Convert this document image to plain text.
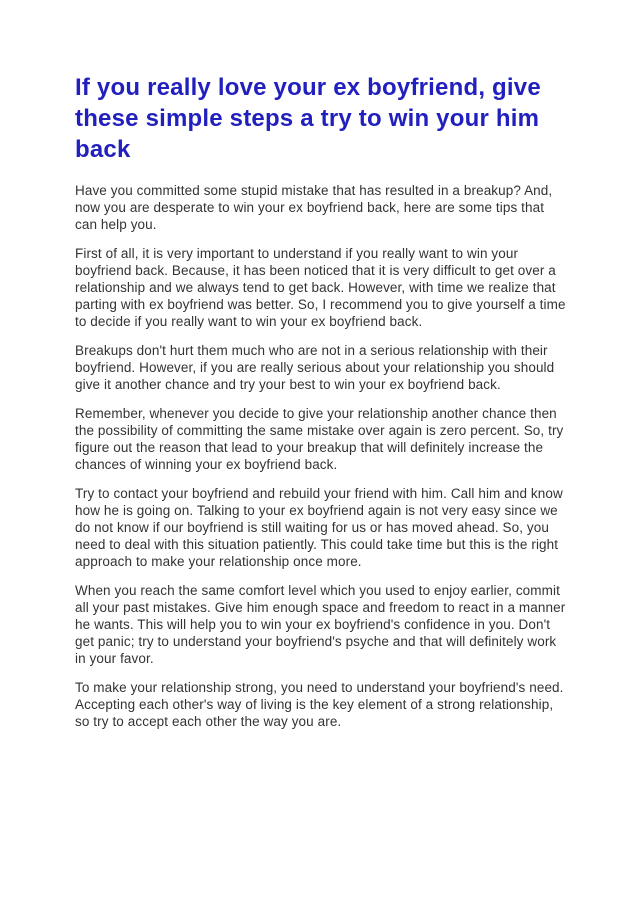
If you really love your ex boyfriend, give these simple steps a try to win your him back

Have you committed some stupid mistake that has resulted in a breakup? And, now you are desperate to win your ex boyfriend back, here are some tips that can help you.

First of all, it is very important to understand if you really want to win your boyfriend back. Because, it has been noticed that it is very difficult to get over a relationship and we always tend to get back. However, with time we realize that parting with ex boyfriend was better. So, I recommend you to give yourself a time to decide if you really want to win your ex boyfriend back.

Breakups don't hurt them much who are not in a serious relationship with their boyfriend. However, if you are really serious about your relationship you should give it another chance and try your best to win your ex boyfriend back.

Remember, whenever you decide to give your relationship another chance then the possibility of committing the same mistake over again is zero percent. So, try figure out the reason that lead to your breakup that will definitely increase the chances of winning your ex boyfriend back.

Try to contact your boyfriend and rebuild your friend with him. Call him and know how he is going on. Talking to your ex boyfriend again is not very easy since we do not know if our boyfriend is still waiting for us or has moved ahead. So, you need to deal with this situation patiently. This could take time but this is the right approach to make your relationship once more.

When you reach the same comfort level which you used to enjoy earlier, commit all your past mistakes. Give him enough space and freedom to react in a manner he wants. This will help you to win your ex boyfriend's confidence in you. Don't get panic; try to understand your boyfriend's psyche and that will definitely work in your favor.

To make your relationship strong, you need to understand your boyfriend's need. Accepting each other's way of living is the key element of a strong relationship, so try to accept each other the way you are.
